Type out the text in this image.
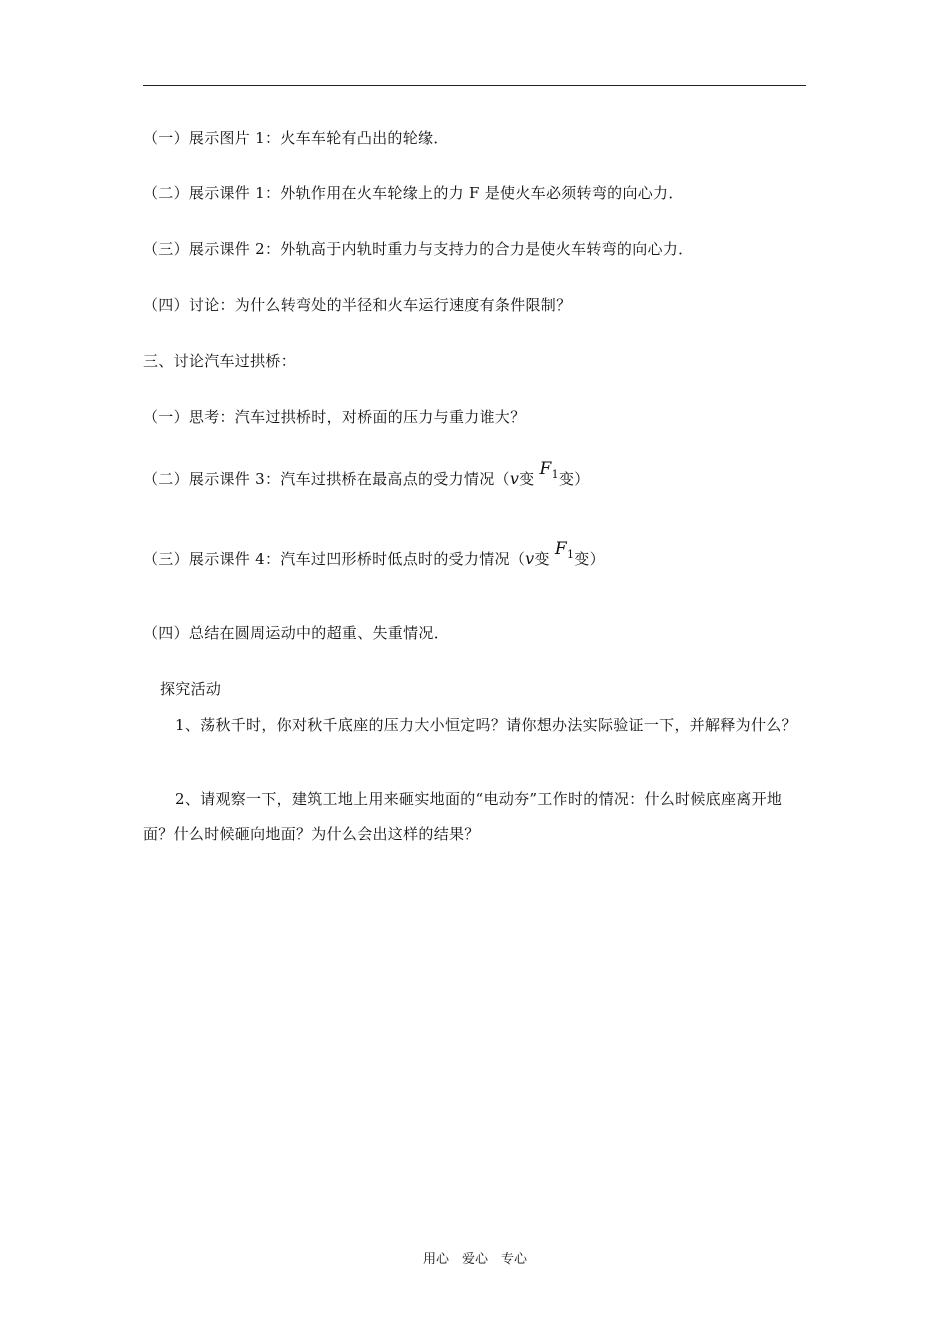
（一）展示图片 1：火车车轮有凸出的轮缘．
（二）展示课件 1：外轨作用在火车轮缘上的力 F 是使火车必须转弯的向心力．
（三）展示课件 2：外轨高于内轨时重力与支持力的合力是使火车转弯的向心力．
（四）讨论：为什么转弯处的半径和火车运行速度有条件限制？
三、讨论汽车过拱桥：
（一）思考：汽车过拱桥时，对桥面的压力与重力谁大？
（二）展示课件 3：汽车过拱桥在最高点的受力情况（v变 $F_1$变）
（三）展示课件 4：汽车过凹形桥时低点时的受力情况（v变 $F_1$变）
（四）总结在圆周运动中的超重、失重情况．
探究活动
1、荡秋千时，你对秋千底座的压力大小恒定吗？请你想办法实际验证一下，并解释为什么？
2、请观察一下，建筑工地上用来砸实地面的“电动夯”工作时的情况：什么时候底座离开地面？什么时候砸向地面？为什么会出这样的结果？
用心　爱心　专心
